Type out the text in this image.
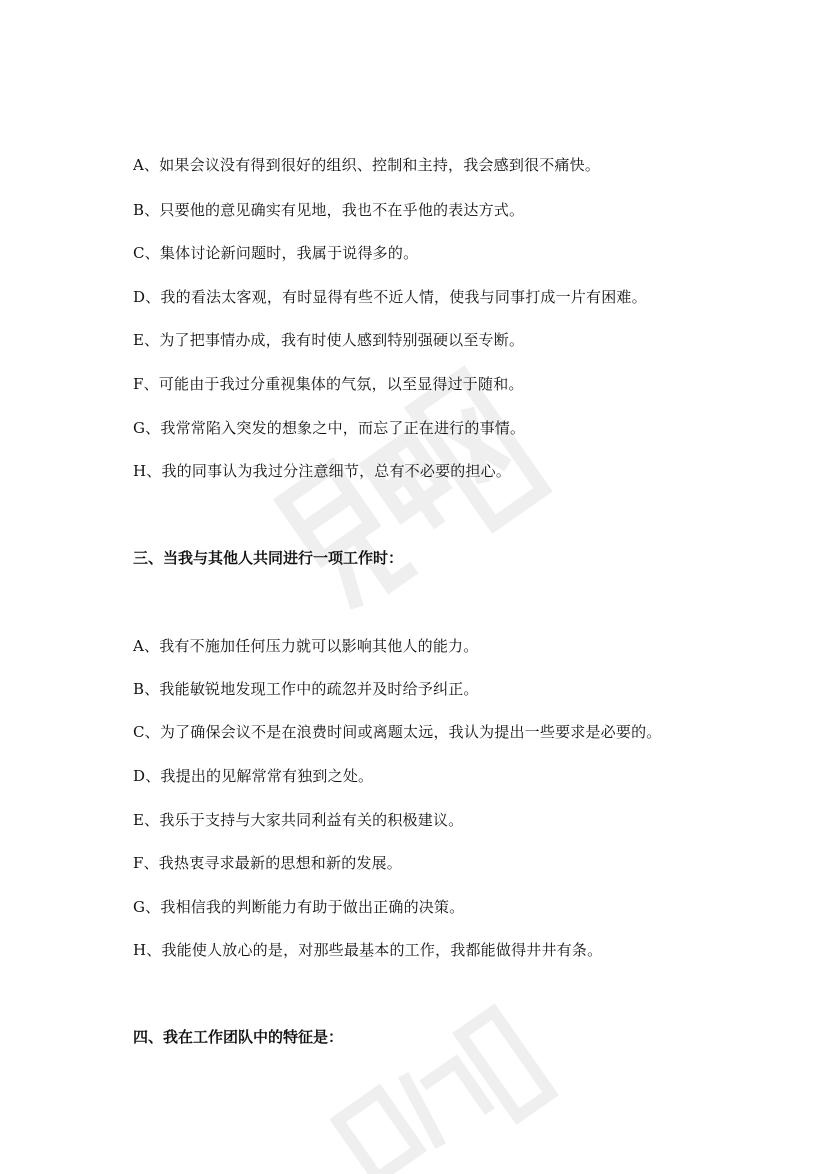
A、如果会议没有得到很好的组织、控制和主持，我会感到很不痛快。
B、只要他的意见确实有见地，我也不在乎他的表达方式。
C、集体讨论新问题时，我属于说得多的。
D、我的看法太客观，有时显得有些不近人情，使我与同事打成一片有困难。
E、为了把事情办成，我有时使人感到特别强硬以至专断。
F、可能由于我过分重视集体的气氛，以至显得过于随和。
G、我常常陷入突发的想象之中，而忘了正在进行的事情。
H、我的同事认为我过分注意细节，总有不必要的担心。
三、当我与其他人共同进行一项工作时：
A、我有不施加任何压力就可以影响其他人的能力。
B、我能敏锐地发现工作中的疏忽并及时给予纠正。
C、为了确保会议不是在浪费时间或离题太远，我认为提出一些要求是必要的。
D、我提出的见解常常有独到之处。
E、我乐于支持与大家共同利益有关的积极建议。
F、我热衷寻求最新的思想和新的发展。
G、我相信我的判断能力有助于做出正确的决策。
H、我能使人放心的是，对那些最基本的工作，我都能做得井井有条。
四、我在工作团队中的特征是：
